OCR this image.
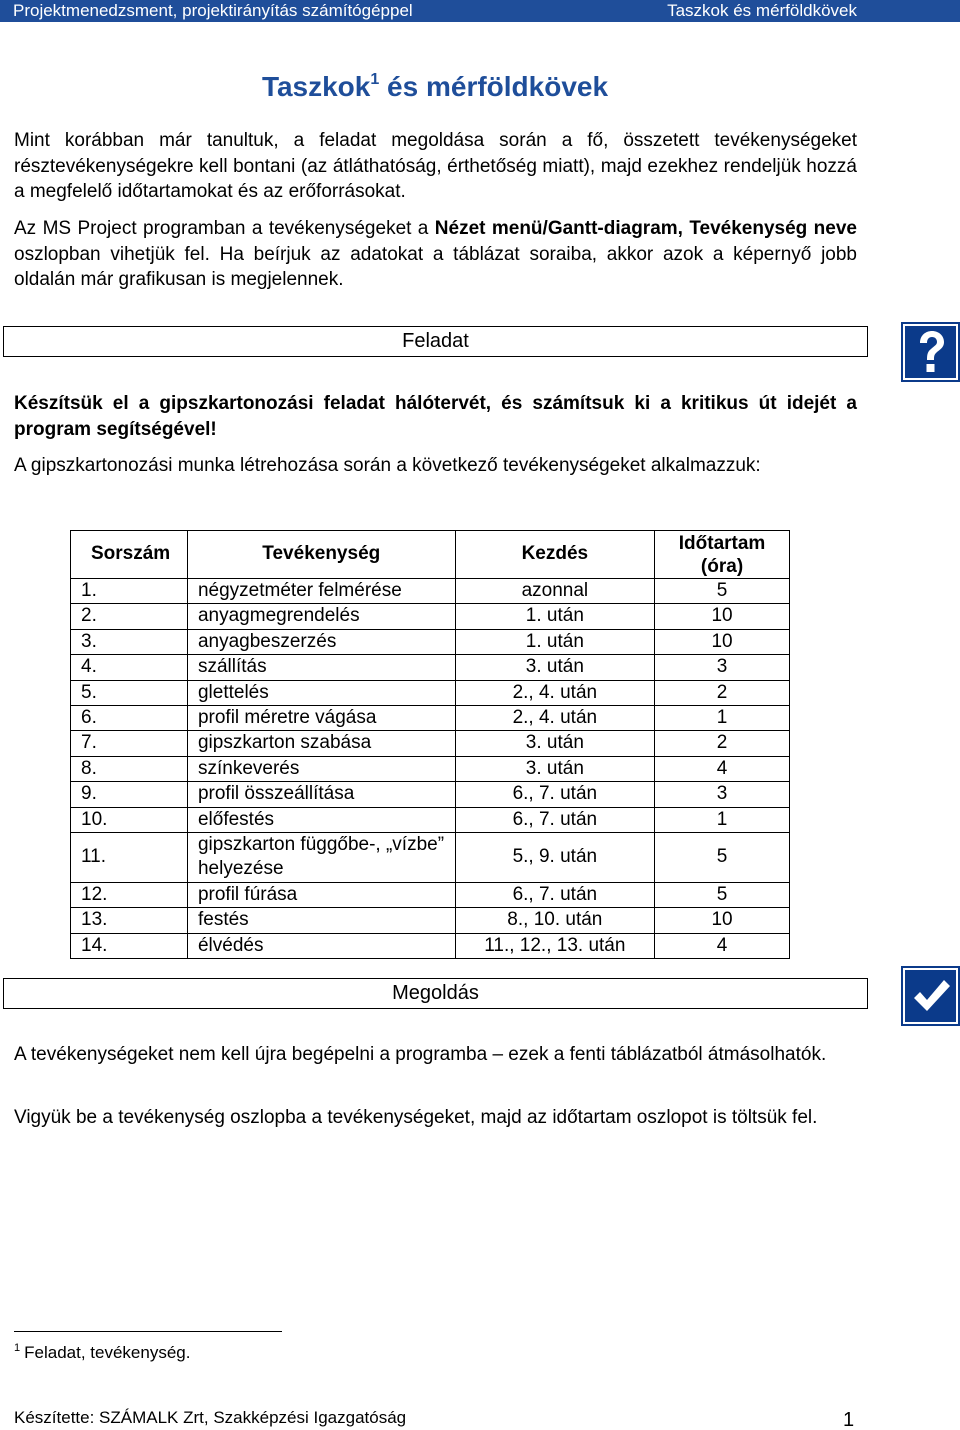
Projektmenedzsment, projektirányítás számítógéppel	Taszkok és mérföldkövek
Taszkok$^1$ és mérföldkövek
Mint korábban már tanultuk, a feladat megoldása során a fő, összetett tevékenységeket résztevékenységekre kell bontani (az átláthatóság, érthetőség miatt), majd ezekhez rendeljük hozzá a megfelelő időtartamokat és az erőforrásokat.
Az MS Project programban a tevékenységeket a Nézet menü/Gantt-diagram, Tevékenység neve oszlopban vihetjük fel. Ha beírjuk az adatokat a táblázat soraiba, akkor azok a képernyő jobb oldalán már grafikusan is megjelennek.
Feladat
Készítsük el a gipszkartonozási feladat hálótervét, és számítsuk ki a kritikus út idejét a program segítségével!
A gipszkartonozási munka létrehozása során a következő tevékenységeket alkalmazzuk:
Sorszám	Tevékenység	Kezdés	Időtartam (óra)
1.	négyzetméter felmérése	azonnal	5
2.	anyagmegrendelés	1. után	10
3.	anyagbeszerzés	1. után	10
4.	szállítás	3. után	3
5.	glettelés	2., 4. után	2
6.	profil méretre vágása	2., 4. után	1
7.	gipszkarton szabása	3. után	2
8.	színkeverés	3. után	4
9.	profil összeállítása	6., 7. után	3
10.	előfestés	6., 7. után	1
11.	gipszkarton függőbe-, „vízbe” helyezése	5., 9. után	5
12.	profil fúrása	6., 7. után	5
13.	festés	8., 10. után	10
14.	élvédés	11., 12., 13. után	4
Megoldás
A tevékenységeket nem kell újra begépelni a programba – ezek a fenti táblázatból átmásolhatók.
Vigyük be a tevékenység oszlopba a tevékenységeket, majd az időtartam oszlopot is töltsük fel.
$^1$ Feladat, tevékenység.
Készítette: SZÁMALK Zrt, Szakképzési Igazgatóság	1
